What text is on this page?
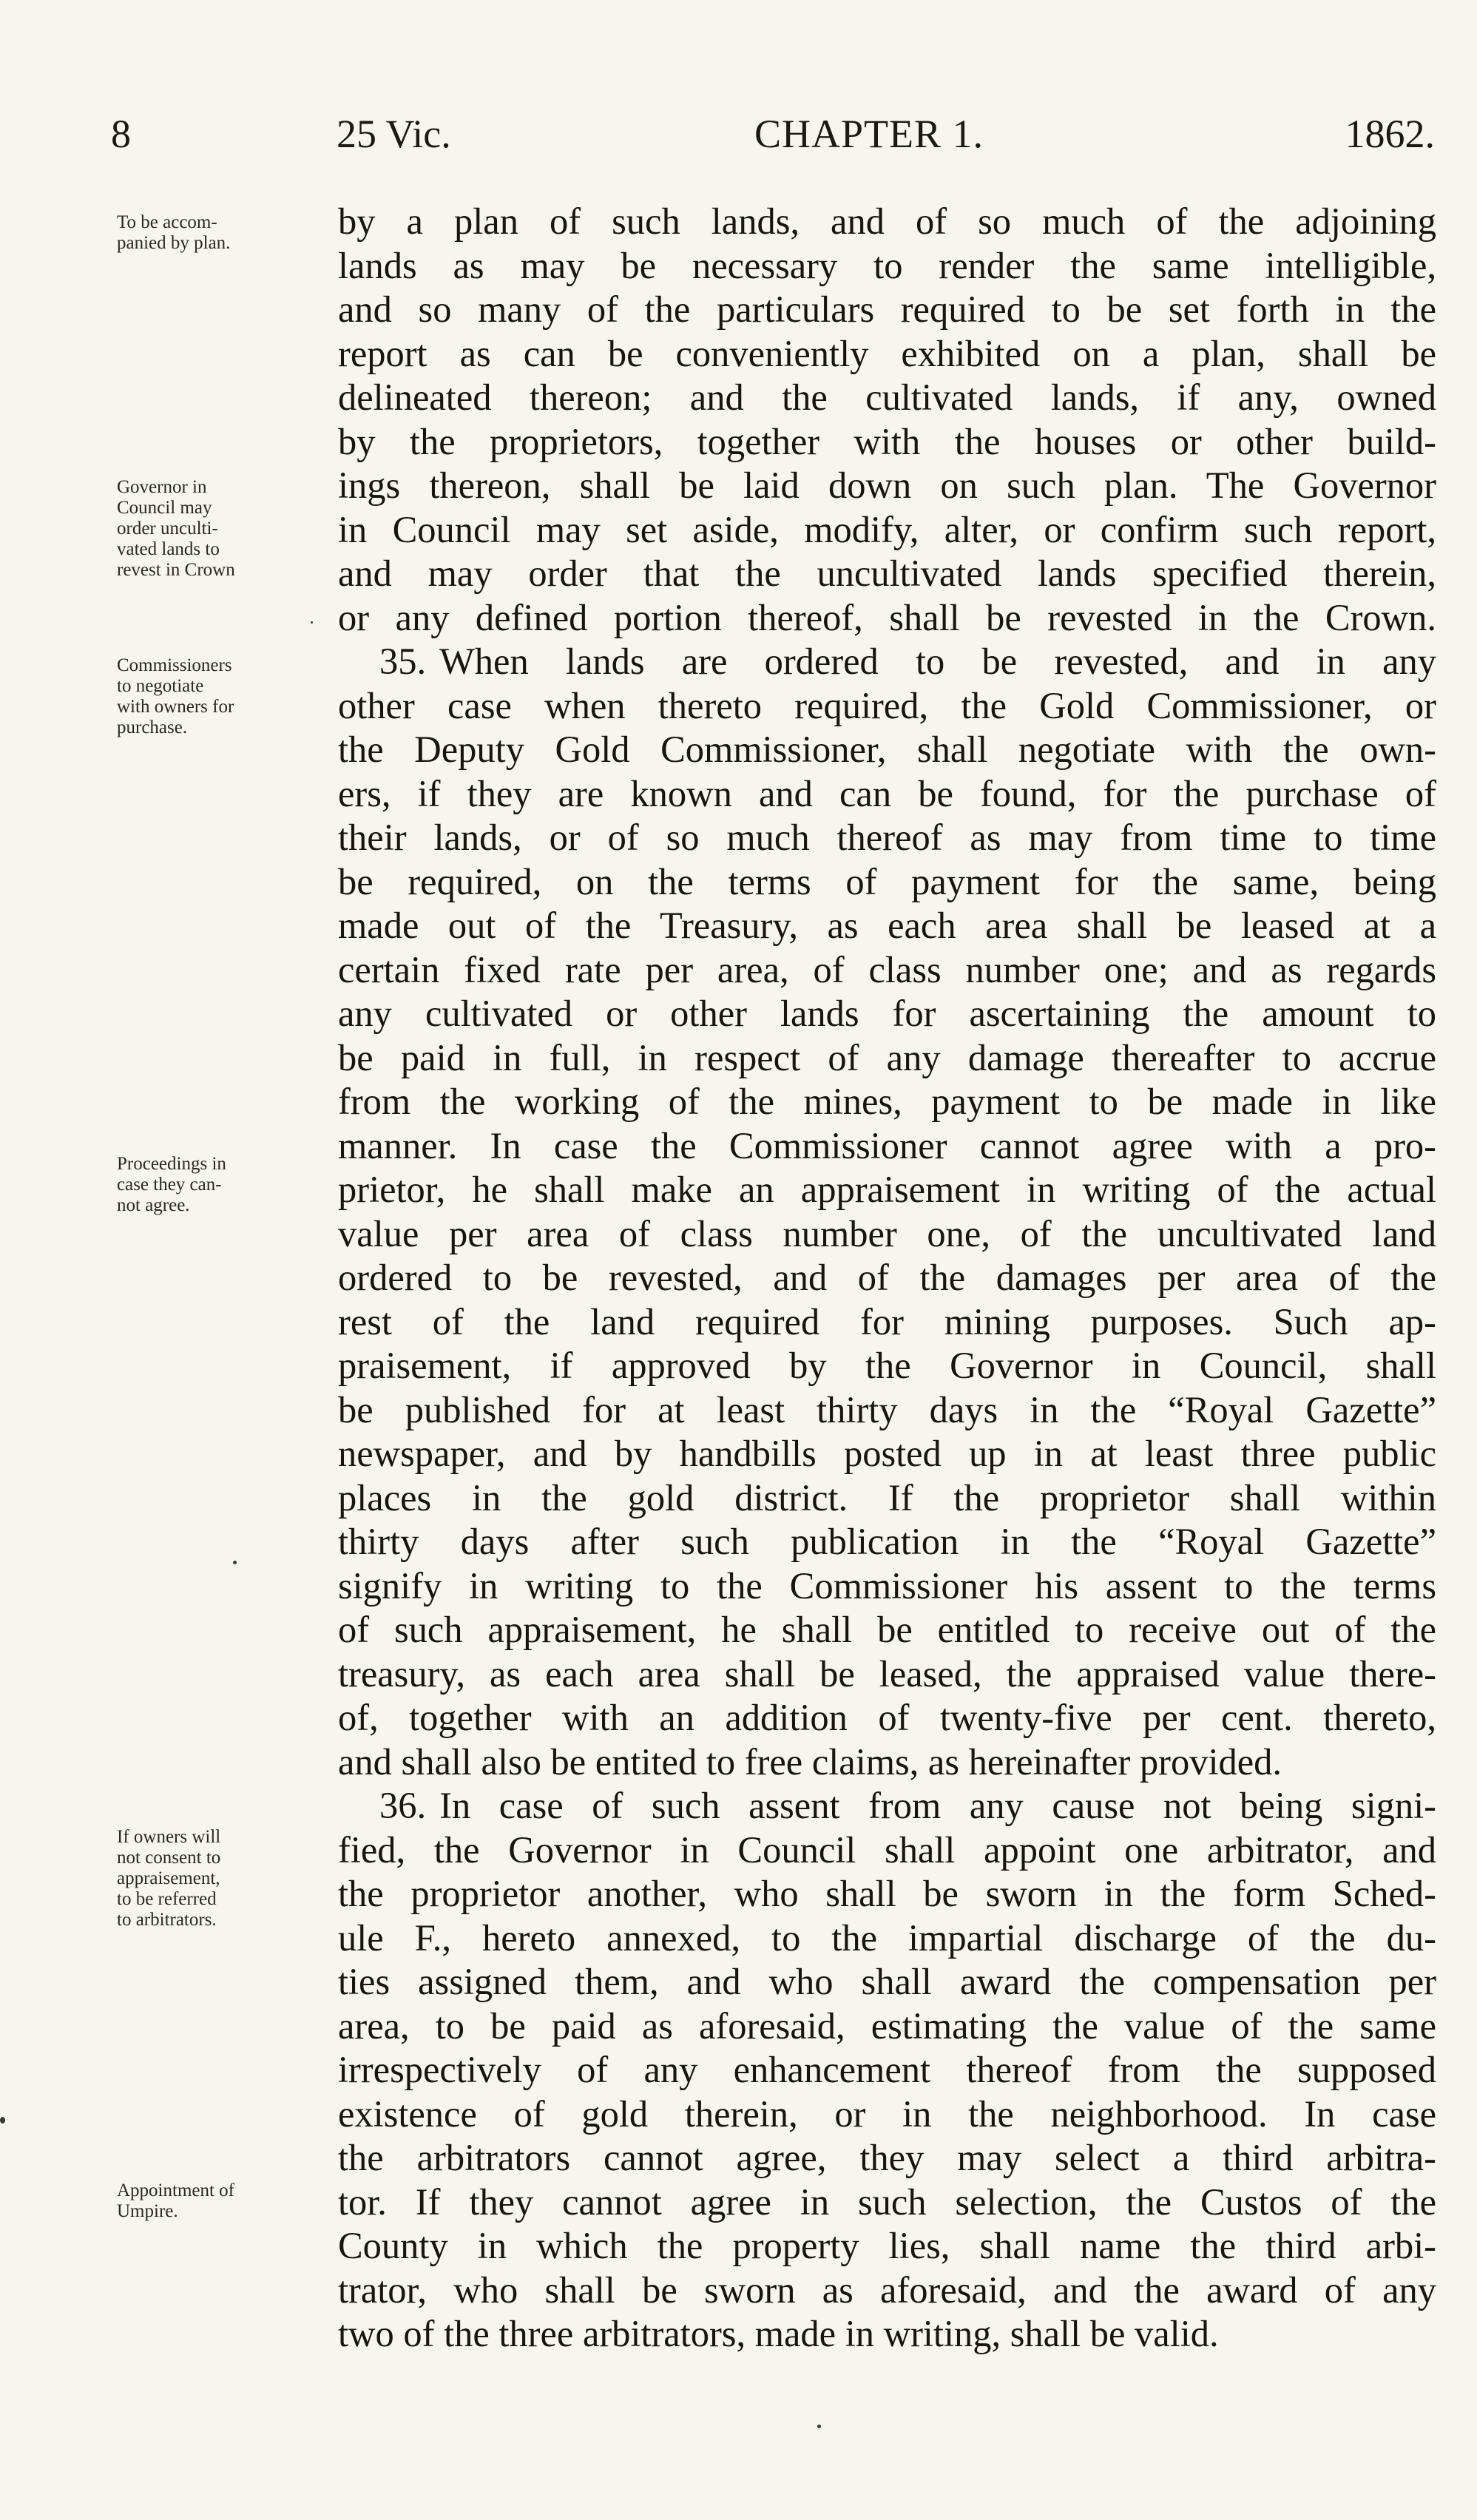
8	25 Vic.	CHAPTER 1.	1862.
To be accom-
panied by plan.
Governor in
Council may
order unculti-
vated lands to
revest in Crown
Commissioners
to negotiate
with owners for
purchase.
Proceedings in
case they can-
not agree.
If owners will
not consent to
appraisement,
to be referred
to arbitrators.
Appointment of
Umpire.
by a plan of such lands, and of so much of the adjoining
lands as may be necessary to render the same intelligible,
and so many of the particulars required to be set forth in the
report as can be conveniently exhibited on a plan, shall be
delineated thereon; and the cultivated lands, if any, owned
by the proprietors, together with the houses or other build-
ings thereon, shall be laid down on such plan. The Governor
in Council may set aside, modify, alter, or confirm such report,
and may order that the uncultivated lands specified therein,
or any defined portion thereof, shall be revested in the Crown.
35. When lands are ordered to be revested, and in any
other case when thereto required, the Gold Commissioner, or
the Deputy Gold Commissioner, shall negotiate with the own-
ers, if they are known and can be found, for the purchase of
their lands, or of so much thereof as may from time to time
be required, on the terms of payment for the same, being
made out of the Treasury, as each area shall be leased at a
certain fixed rate per area, of class number one; and as regards
any cultivated or other lands for ascertaining the amount to
be paid in full, in respect of any damage thereafter to accrue
from the working of the mines, payment to be made in like
manner. In case the Commissioner cannot agree with a pro-
prietor, he shall make an appraisement in writing of the actual
value per area of class number one, of the uncultivated land
ordered to be revested, and of the damages per area of the
rest of the land required for mining purposes. Such ap-
praisement, if approved by the Governor in Council, shall
be published for at least thirty days in the “Royal Gazette”
newspaper, and by handbills posted up in at least three public
places in the gold district. If the proprietor shall within
thirty days after such publication in the “Royal Gazette”
signify in writing to the Commissioner his assent to the terms
of such appraisement, he shall be entitled to receive out of the
treasury, as each area shall be leased, the appraised value there-
of, together with an addition of twenty-five per cent. thereto,
and shall also be entited to free claims, as hereinafter provided.
36. In case of such assent from any cause not being signi-
fied, the Governor in Council shall appoint one arbitrator, and
the proprietor another, who shall be sworn in the form Sched-
ule F., hereto annexed, to the impartial discharge of the du-
ties assigned them, and who shall award the compensation per
area, to be paid as aforesaid, estimating the value of the same
irrespectively of any enhancement thereof from the supposed
existence of gold therein, or in the neighborhood. In case
the arbitrators cannot agree, they may select a third arbitra-
tor. If they cannot agree in such selection, the Custos of the
County in which the property lies, shall name the third arbi-
trator, who shall be sworn as aforesaid, and the award of any
two of the three arbitrators, made in writing, shall be valid.
